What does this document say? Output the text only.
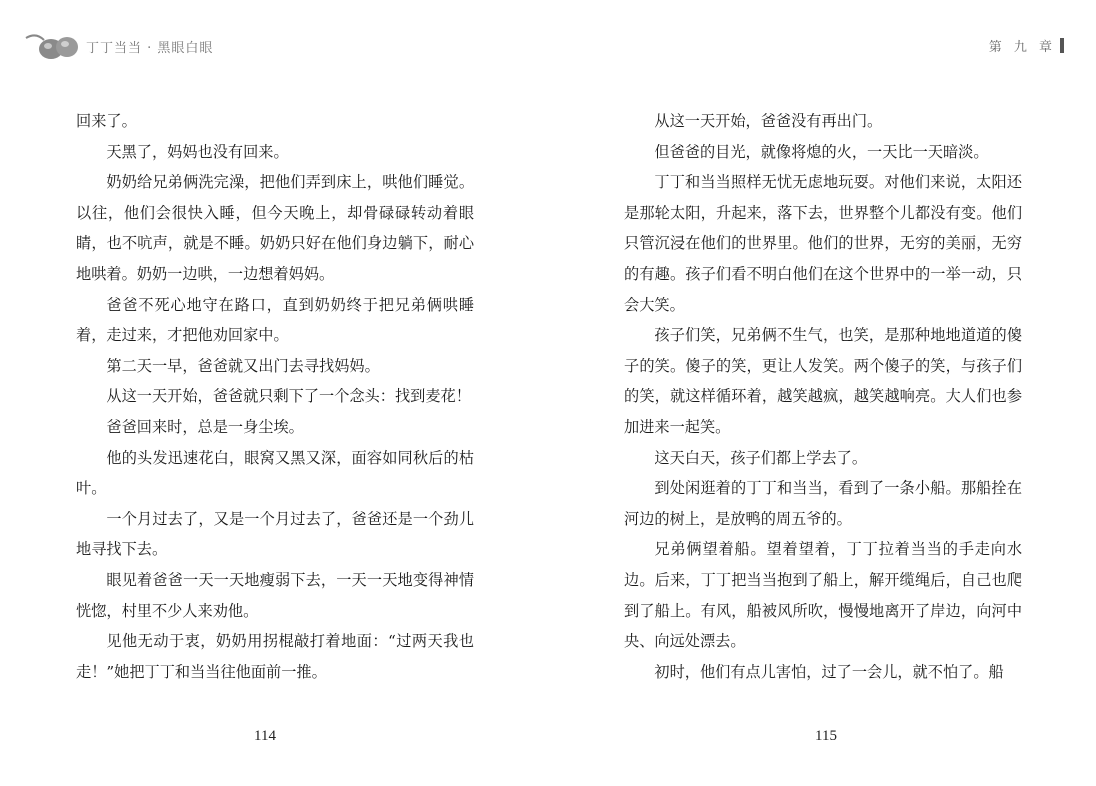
丁丁当当 · 黑眼白眼	第 九 章

回来了。

天黑了，妈妈也没有回来。

奶奶给兄弟俩洗完澡，把他们弄到床上，哄他们睡觉。以往，他们会很快入睡，但今天晚上，却骨碌碌转动着眼睛，也不吭声，就是不睡。奶奶只好在他们身边躺下，耐心地哄着。奶奶一边哄，一边想着妈妈。

爸爸不死心地守在路口，直到奶奶终于把兄弟俩哄睡着，走过来，才把他劝回家中。

第二天一早，爸爸就又出门去寻找妈妈。

从这一天开始，爸爸就只剩下了一个念头：找到麦花！

爸爸回来时，总是一身尘埃。

他的头发迅速花白，眼窝又黑又深，面容如同秋后的枯叶。

一个月过去了，又是一个月过去了，爸爸还是一个劲儿地寻找下去。

眼见着爸爸一天一天地瘦弱下去，一天一天地变得神情恍惚，村里不少人来劝他。

见他无动于衷，奶奶用拐棍敲打着地面：“过两天我也走！”她把丁丁和当当往他面前一推。

从这一天开始，爸爸没有再出门。

但爸爸的目光，就像将熄的火，一天比一天暗淡。

丁丁和当当照样无忧无虑地玩耍。对他们来说，太阳还是那轮太阳，升起来，落下去，世界整个儿都没有变。他们只管沉浸在他们的世界里。他们的世界，无穷的美丽，无穷的有趣。孩子们看不明白他们在这个世界中的一举一动，只会大笑。

孩子们笑，兄弟俩不生气，也笑，是那种地地道道的傻子的笑。傻子的笑，更让人发笑。两个傻子的笑，与孩子们的笑，就这样循环着，越笑越疯，越笑越响亮。大人们也参加进来一起笑。

这天白天，孩子们都上学去了。

到处闲逛着的丁丁和当当，看到了一条小船。那船拴在河边的树上，是放鸭的周五爷的。

兄弟俩望着船。望着望着，丁丁拉着当当的手走向水边。后来，丁丁把当当抱到了船上，解开缆绳后，自己也爬到了船上。有风，船被风所吹，慢慢地离开了岸边，向河中央、向远处漂去。

初时，他们有点儿害怕，过了一会儿，就不怕了。船

114	115
